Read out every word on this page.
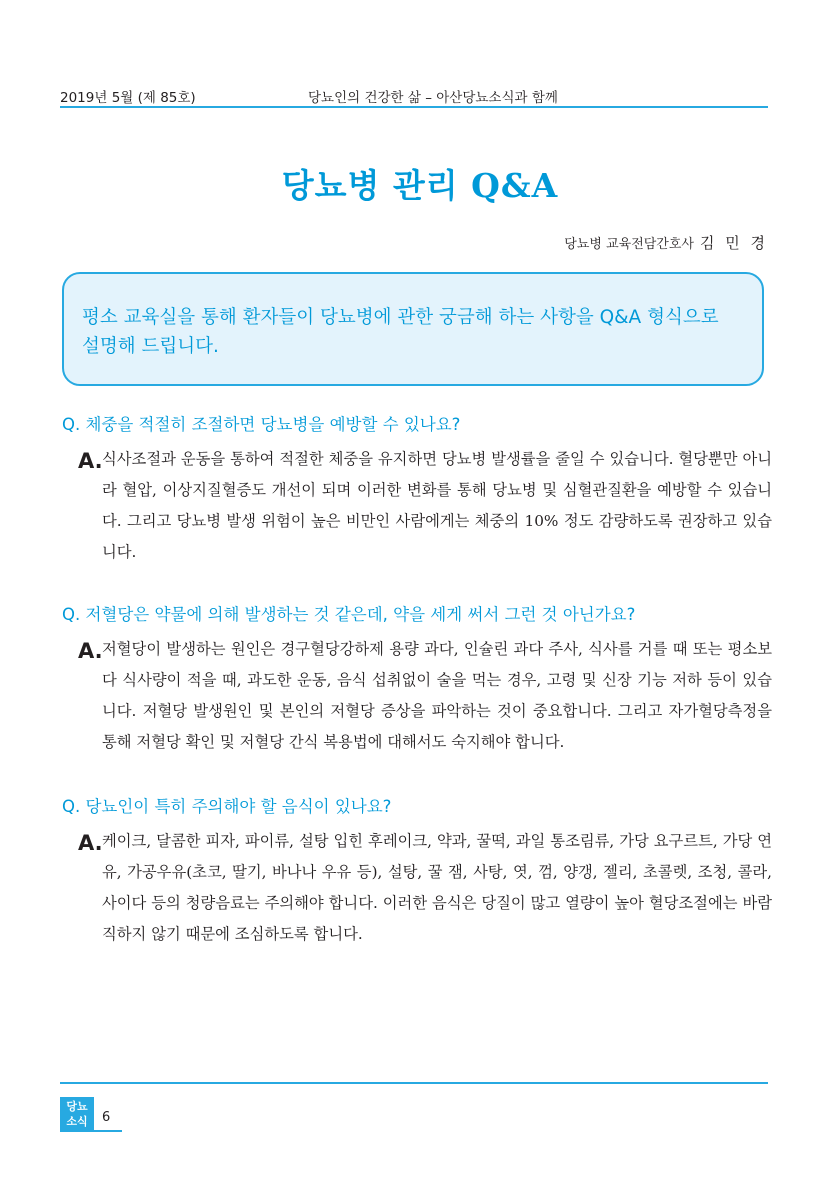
2019년 5월 (제 85호)	당뇨인의 건강한 삶 – 아산당뇨소식과 함께
당뇨병 관리 Q&A
당뇨병 교육전담간호사 김 민 경

평소 교육실을 통해 환자들이 당뇨병에 관한 궁금해 하는 사항을 Q&A 형식으로 설명해 드립니다.

Q. 체중을 적절히 조절하면 당뇨병을 예방할 수 있나요?

A. 식사조절과 운동을 통하여 적절한 체중을 유지하면 당뇨병 발생률을 줄일 수 있습니다. 혈당뿐만 아니라 혈압, 이상지질혈증도 개선이 되며 이러한 변화를 통해 당뇨병 및 심혈관질환을 예방할 수 있습니다. 그리고 당뇨병 발생 위험이 높은 비만인 사람에게는 체중의 10% 정도 감량하도록 권장하고 있습니다.

Q. 저혈당은 약물에 의해 발생하는 것 같은데, 약을 세게 써서 그런 것 아닌가요?

A. 저혈당이 발생하는 원인은 경구혈당강하제 용량 과다, 인슐린 과다 주사, 식사를 거를 때 또는 평소보다 식사량이 적을 때, 과도한 운동, 음식 섭취없이 술을 먹는 경우, 고령 및 신장 기능 저하 등이 있습니다. 저혈당 발생원인 및 본인의 저혈당 증상을 파악하는 것이 중요합니다. 그리고 자가혈당측정을 통해 저혈당 확인 및 저혈당 간식 복용법에 대해서도 숙지해야 합니다.

Q. 당뇨인이 특히 주의해야 할 음식이 있나요?

A. 케이크, 달콤한 피자, 파이류, 설탕 입힌 후레이크, 약과, 꿀떡, 과일 통조림류, 가당 요구르트, 가당 연유, 가공우유(초코, 딸기, 바나나 우유 등), 설탕, 꿀 잼, 사탕, 엿, 껌, 양갱, 젤리, 초콜렛, 조청, 콜라, 사이다 등의 청량음료는 주의해야 합니다. 이러한 음식은 당질이 많고 열량이 높아 혈당조절에는 바람직하지 않기 때문에 조심하도록 합니다.

당뇨
소식	6
